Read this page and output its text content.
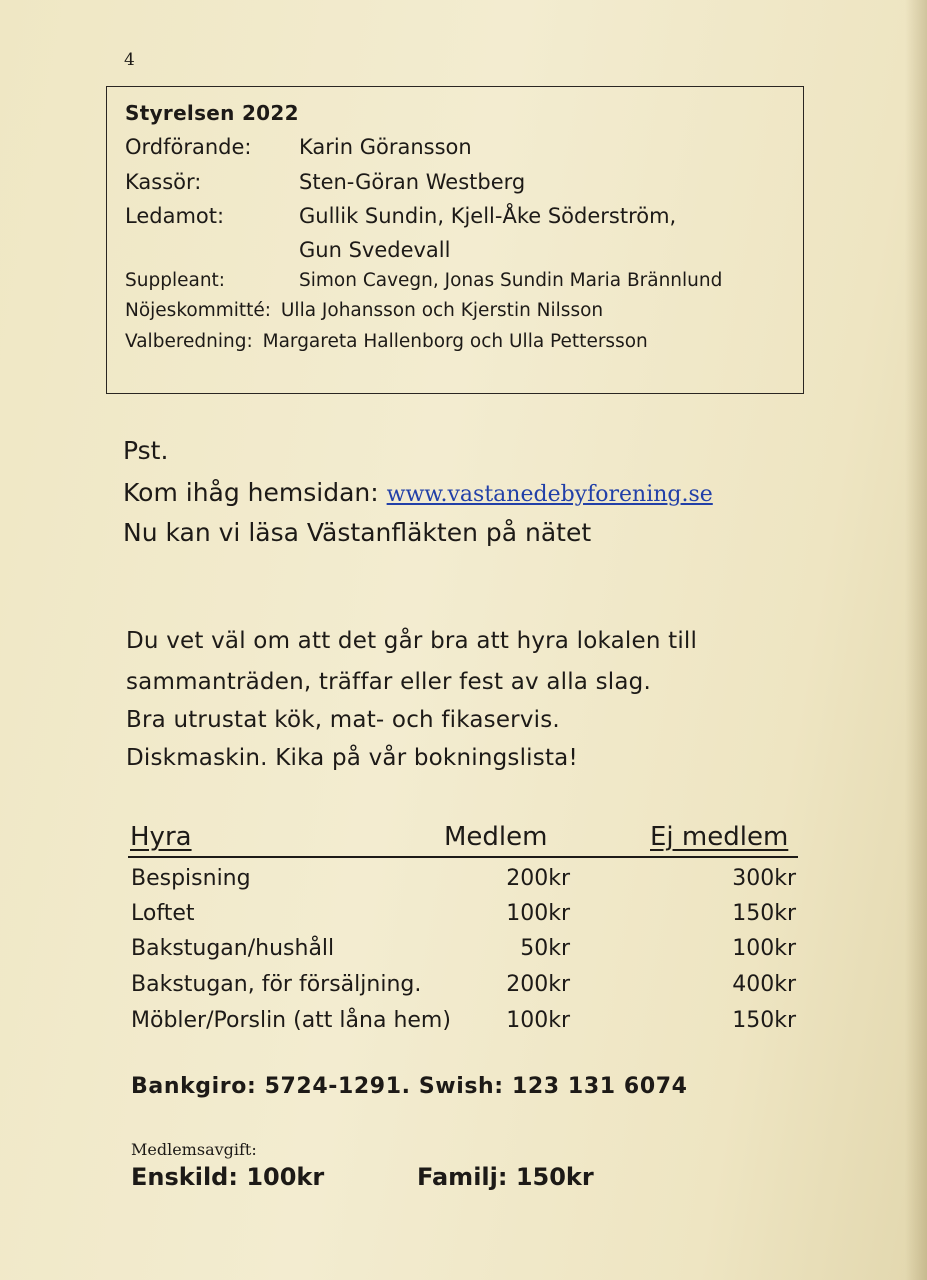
4
Styrelsen 2022
Ordförande: Karin Göransson
Kassör:	Sten-Göran Westberg
Ledamot:	Gullik Sundin, Kjell-Åke Söderström,
Gun Svedevall
Suppleant:	Simon Cavegn, Jonas Sundin Maria Brännlund
Nöjeskommitté: Ulla Johansson och Kjerstin Nilsson
Valberedning: Margareta Hallenborg och Ulla Pettersson
Pst.
Kom ihåg hemsidan: www.vastanedebyforening.se
Nu kan vi läsa Västanfläkten på nätet
Du vet väl om att det går bra att hyra lokalen till
sammanträden, träffar eller fest av alla slag.
Bra utrustat kök, mat- och fikaservis.
Diskmaskin. Kika på vår bokningslista!
Hyra	Medlem	Ej medlem
Bespisning	200kr	300kr
Loftet	100kr	150kr
Bakstugan/hushåll	50kr	100kr
Bakstugan, för försäljning.	200kr	400kr
Möbler/Porslin (att låna hem)	100kr	150kr
Bankgiro: 5724-1291. Swish: 123 131 6074
Medlemsavgift:
Enskild: 100kr	Familj: 150kr
